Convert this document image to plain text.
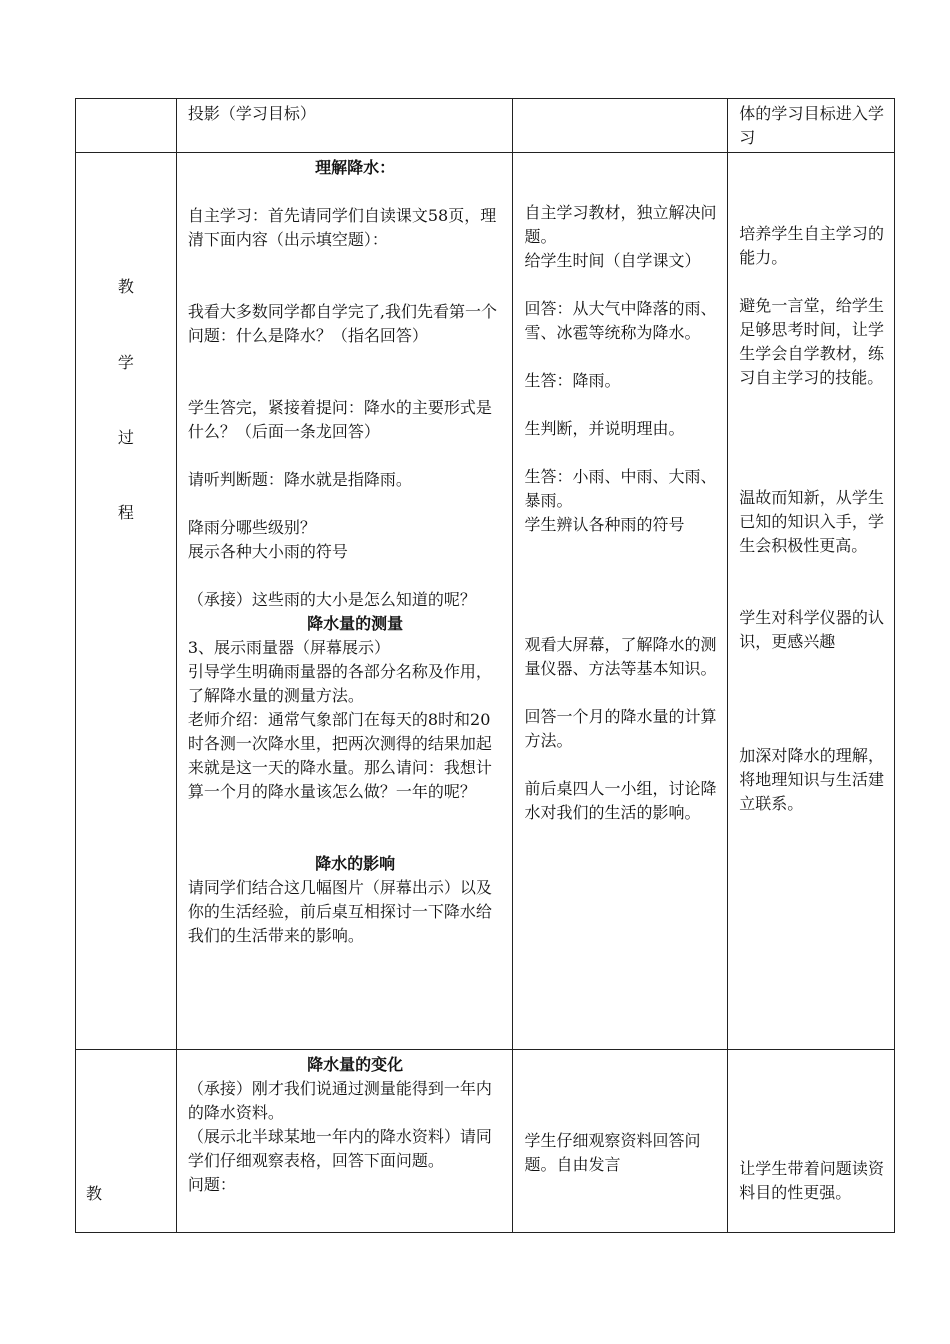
投影（学习目标）	体的学习目标进入学习

教
学
过
程

理解降水：

自主学习：首先请同学们自读课文58页，理清下面内容（出示填空题）：

我看大多数同学都自学完了,我们先看第一个问题：什么是降水？（指名回答）

学生答完，紧接着提问：降水的主要形式是什么？（后面一条龙回答）

请听判断题：降水就是指降雨。

降雨分哪些级别？

展示各种大小雨的符号

（承接）这些雨的大小是怎么知道的呢？

降水量的测量

3、展示雨量器（屏幕展示）

引导学生明确雨量器的各部分名称及作用，了解降水量的测量方法。

老师介绍：通常气象部门在每天的8时和20时各测一次降水里，把两次测得的结果加起来就是这一天的降水量。那么请问：我想计算一个月的降水量该怎么做？一年的呢？

降水的影响

请同学们结合这几幅图片（屏幕出示）以及你的生活经验，前后桌互相探讨一下降水给我们的生活带来的影响。

自主学习教材，独立解决问题。

给学生时间（自学课文）

回答：从大气中降落的雨、雪、冰雹等统称为降水。

生答：降雨。

生判断，并说明理由。

生答：小雨、中雨、大雨、暴雨。

学生辨认各种雨的符号

观看大屏幕，了解降水的测量仪器、方法等基本知识。

回答一个月的降水量的计算方法。

前后桌四人一小组，讨论降水对我们的生活的影响。

培养学生自主学习的能力。

避免一言堂，给学生足够思考时间，让学生学会自学教材，练习自主学习的技能。

温故而知新，从学生已知的知识入手，学生会积极性更高。

学生对科学仪器的认识，更感兴趣

加深对降水的理解，将地理知识与生活建立联系。

教

降水量的变化

（承接）刚才我们说通过测量能得到一年内的降水资料。

（展示北半球某地一年内的降水资料）请同学们仔细观察表格，回答下面问题。

问题：

学生仔细观察资料回答问题。自由发言	让学生带着问题读资料目的性更强。
